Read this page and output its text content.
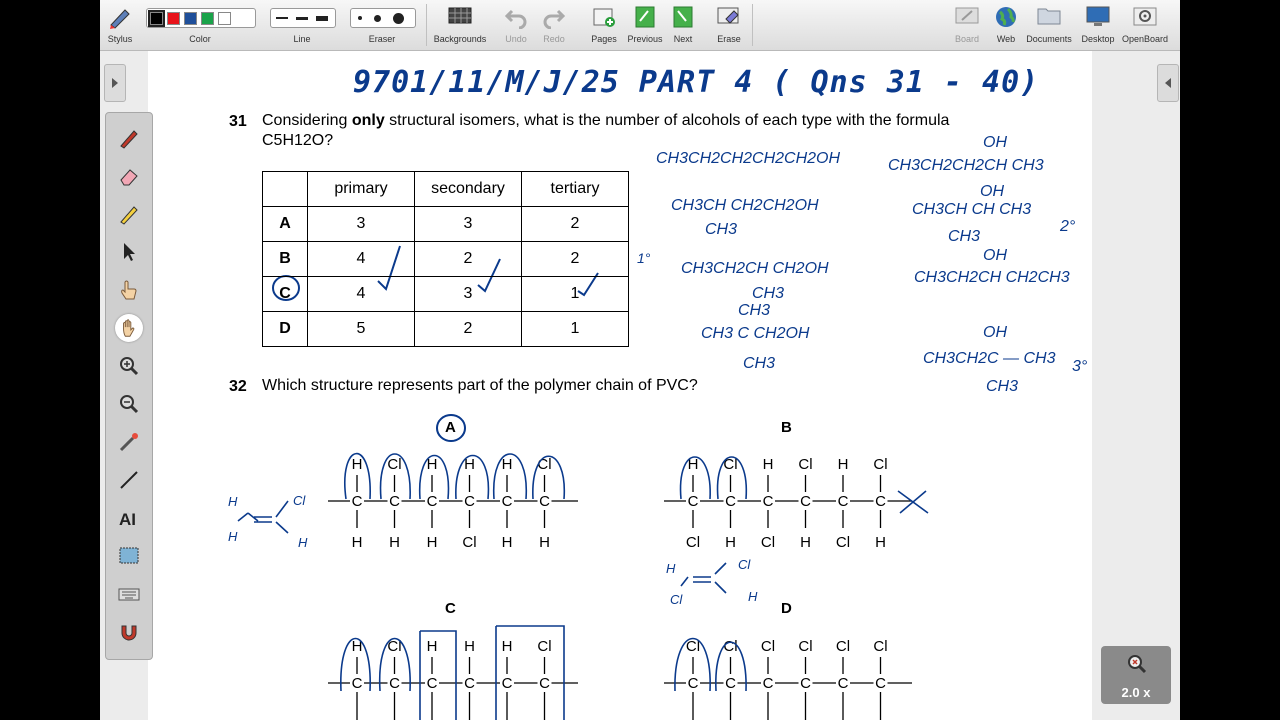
Stylus	Color	Line	Eraser	Backgrounds	Undo	Redo	Pages	Previous	Next	Erase	Board	Web	Documents	Desktop OpenBoard
9701/11/M/J/25 PART 4 ( Qns 31 - 40)
1°
CH3CH2CH2CH2CH2OH
CH3CH CH2CH2OH
CH3
CH3CH2CH CH2OH
CH3
CH3
CH3 C CH2OH
CH3
OH
CH3CH2CH2CH CH3
OH
CH3CH CH CH3
CH3
2°
OH
CH3CH2CH CH2CH3
OH
CH3CH2C — CH3
CH3
3°
C
H
H
C
Cl
H
C
H
H
C
H
Cl
C
H
H
C
Cl
H
C
H
Cl
C
Cl
H
C
H
Cl
C
Cl
H
C
H
Cl
C
Cl
H
C
H
C
Cl
C
H
C
H
C
H
C
Cl
C
Cl
C
Cl
C
Cl
C
Cl
C
Cl
C
Cl
H
H
Cl
H
H
Cl
Cl
H
31 Considering only structural isomers, what is the number of alcohols of each type with the formula
C5H12O?
	primary	secondary	tertiary
A	3	3	2
B	4	2	2
C	4	3	1
D	5	2	1
32 Which structure represents part of the polymer chain of PVC?
A	B
C	D
AI
2.0 x
